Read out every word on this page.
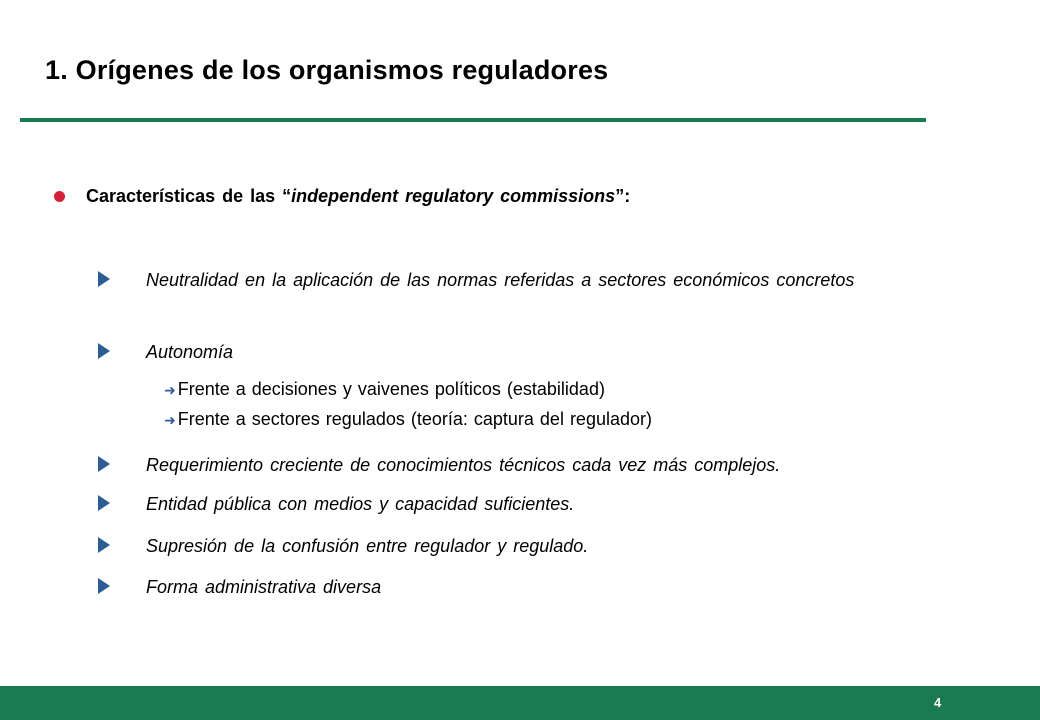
1. Orígenes de los organismos reguladores
Características de las “independent regulatory commissions”:
Neutralidad en la aplicación de las normas referidas a sectores económicos concretos
Autonomía
➜ Frente a decisiones y vaivenes políticos (estabilidad)
➜ Frente a sectores regulados (teoría: captura del regulador)
Requerimiento creciente de conocimientos técnicos cada vez más complejos.
Entidad pública con medios y capacidad suficientes.
Supresión de la confusión entre regulador y regulado.
Forma administrativa diversa
4
